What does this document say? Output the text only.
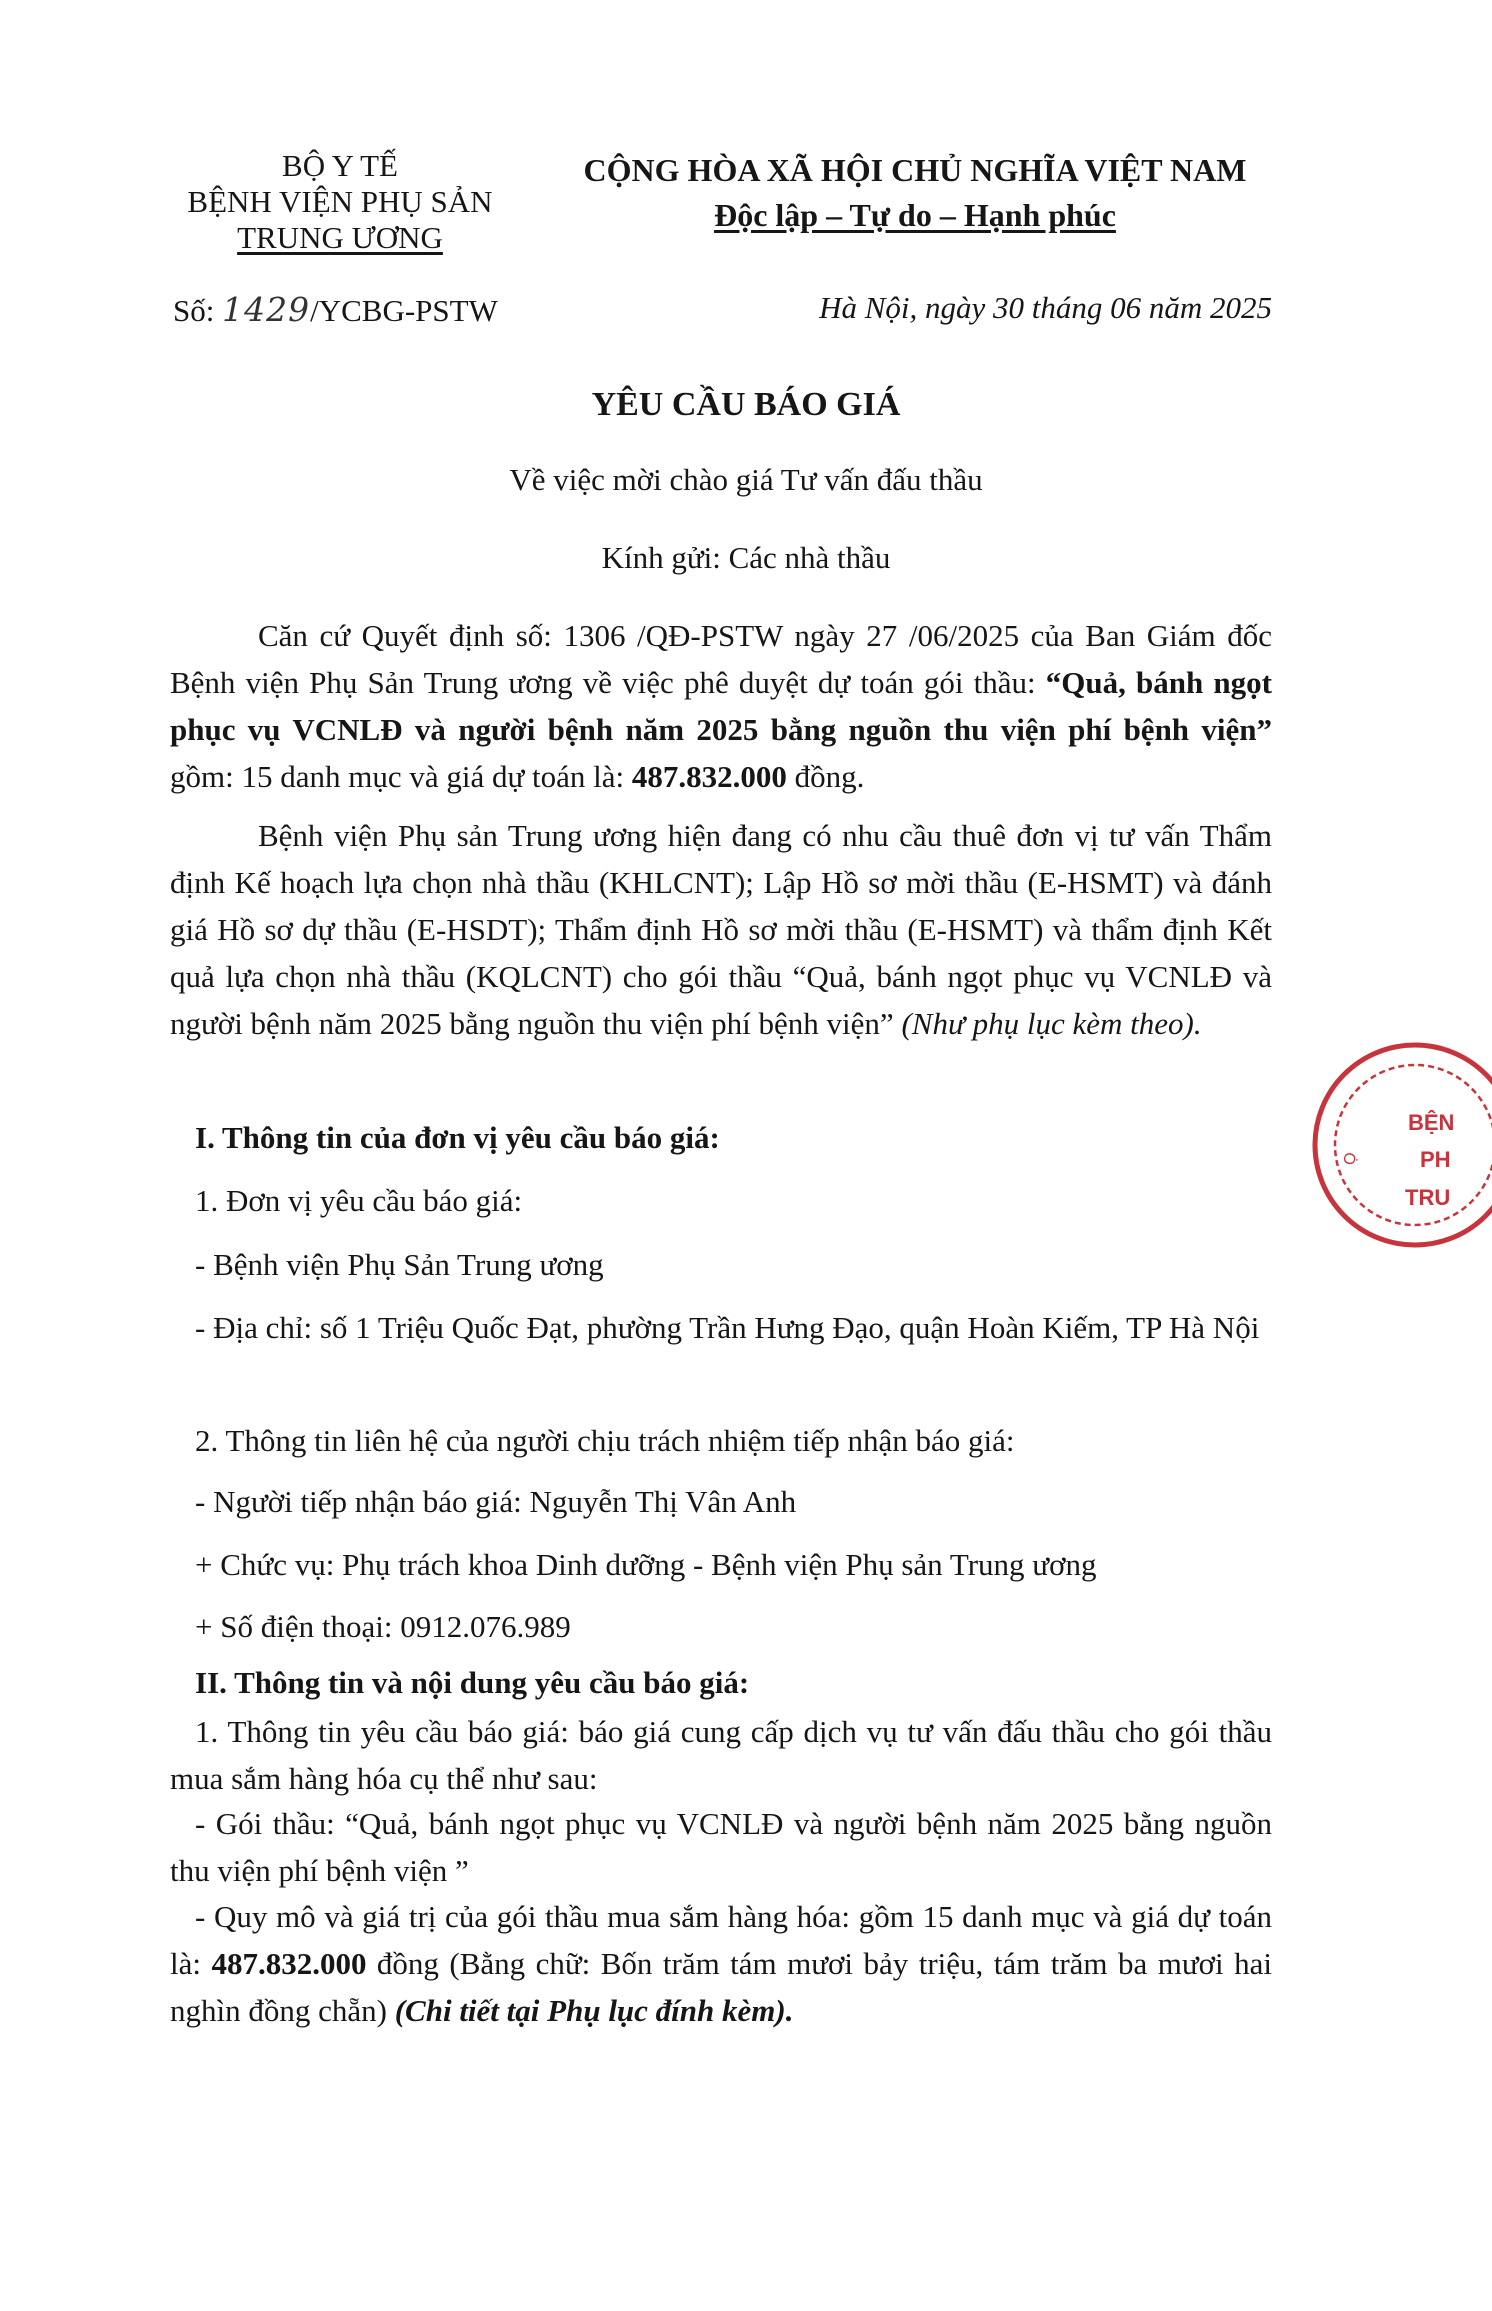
BỘ Y TẾ
BỆNH VIỆN PHỤ SẢN
TRUNG ƯƠNG
CỘNG HÒA XÃ HỘI CHỦ NGHĨA VIỆT NAM
Độc lập – Tự do – Hạnh phúc
Số: 1429/YCBG-PSTW	Hà Nội, ngày 30 tháng 06 năm 2025
YÊU CẦU BÁO GIÁ
Về việc mời chào giá Tư vấn đấu thầu
Kính gửi: Các nhà thầu

Căn cứ Quyết định số: 1306 /QĐ-PSTW ngày 27 /06/2025 của Ban Giám đốc Bệnh viện Phụ Sản Trung ương về việc phê duyệt dự toán gói thầu: “Quả, bánh ngọt phục vụ VCNLĐ và người bệnh năm 2025 bằng nguồn thu viện phí bệnh viện” gồm: 15 danh mục và giá dự toán là: 487.832.000 đồng.

Bệnh viện Phụ sản Trung ương hiện đang có nhu cầu thuê đơn vị tư vấn Thẩm định Kế hoạch lựa chọn nhà thầu (KHLCNT); Lập Hồ sơ mời thầu (E-HSMT) và đánh giá Hồ sơ dự thầu (E-HSDT); Thẩm định Hồ sơ mời thầu (E-HSMT) và thẩm định Kết quả lựa chọn nhà thầu (KQLCNT) cho gói thầu “Quả, bánh ngọt phục vụ VCNLĐ và người bệnh năm 2025 bằng nguồn thu viện phí bệnh viện” (Như phụ lục kèm theo).

I. Thông tin của đơn vị yêu cầu báo giá:
1. Đơn vị yêu cầu báo giá:
- Bệnh viện Phụ Sản Trung ương

- Địa chỉ: số 1 Triệu Quốc Đạt, phường Trần Hưng Đạo, quận Hoàn Kiếm, TP Hà Nội

2. Thông tin liên hệ của người chịu trách nhiệm tiếp nhận báo giá:
- Người tiếp nhận báo giá: Nguyễn Thị Vân Anh
+ Chức vụ: Phụ trách khoa Dinh dưỡng - Bệnh viện Phụ sản Trung ương
+ Số điện thoại: 0912.076.989
II. Thông tin và nội dung yêu cầu báo giá:

1. Thông tin yêu cầu báo giá: báo giá cung cấp dịch vụ tư vấn đấu thầu cho gói thầu mua sắm hàng hóa cụ thể như sau:

- Gói thầu: “Quả, bánh ngọt phục vụ VCNLĐ và người bệnh năm 2025 bằng nguồn thu viện phí bệnh viện ”

- Quy mô và giá trị của gói thầu mua sắm hàng hóa: gồm 15 danh mục và giá dự toán là: 487.832.000 đồng (Bằng chữ: Bốn trăm tám mươi bảy triệu, tám trăm ba mươi hai nghìn đồng chẵn) (Chi tiết tại Phụ lục đính kèm).

BỆN
PH
TRU
Ọ
